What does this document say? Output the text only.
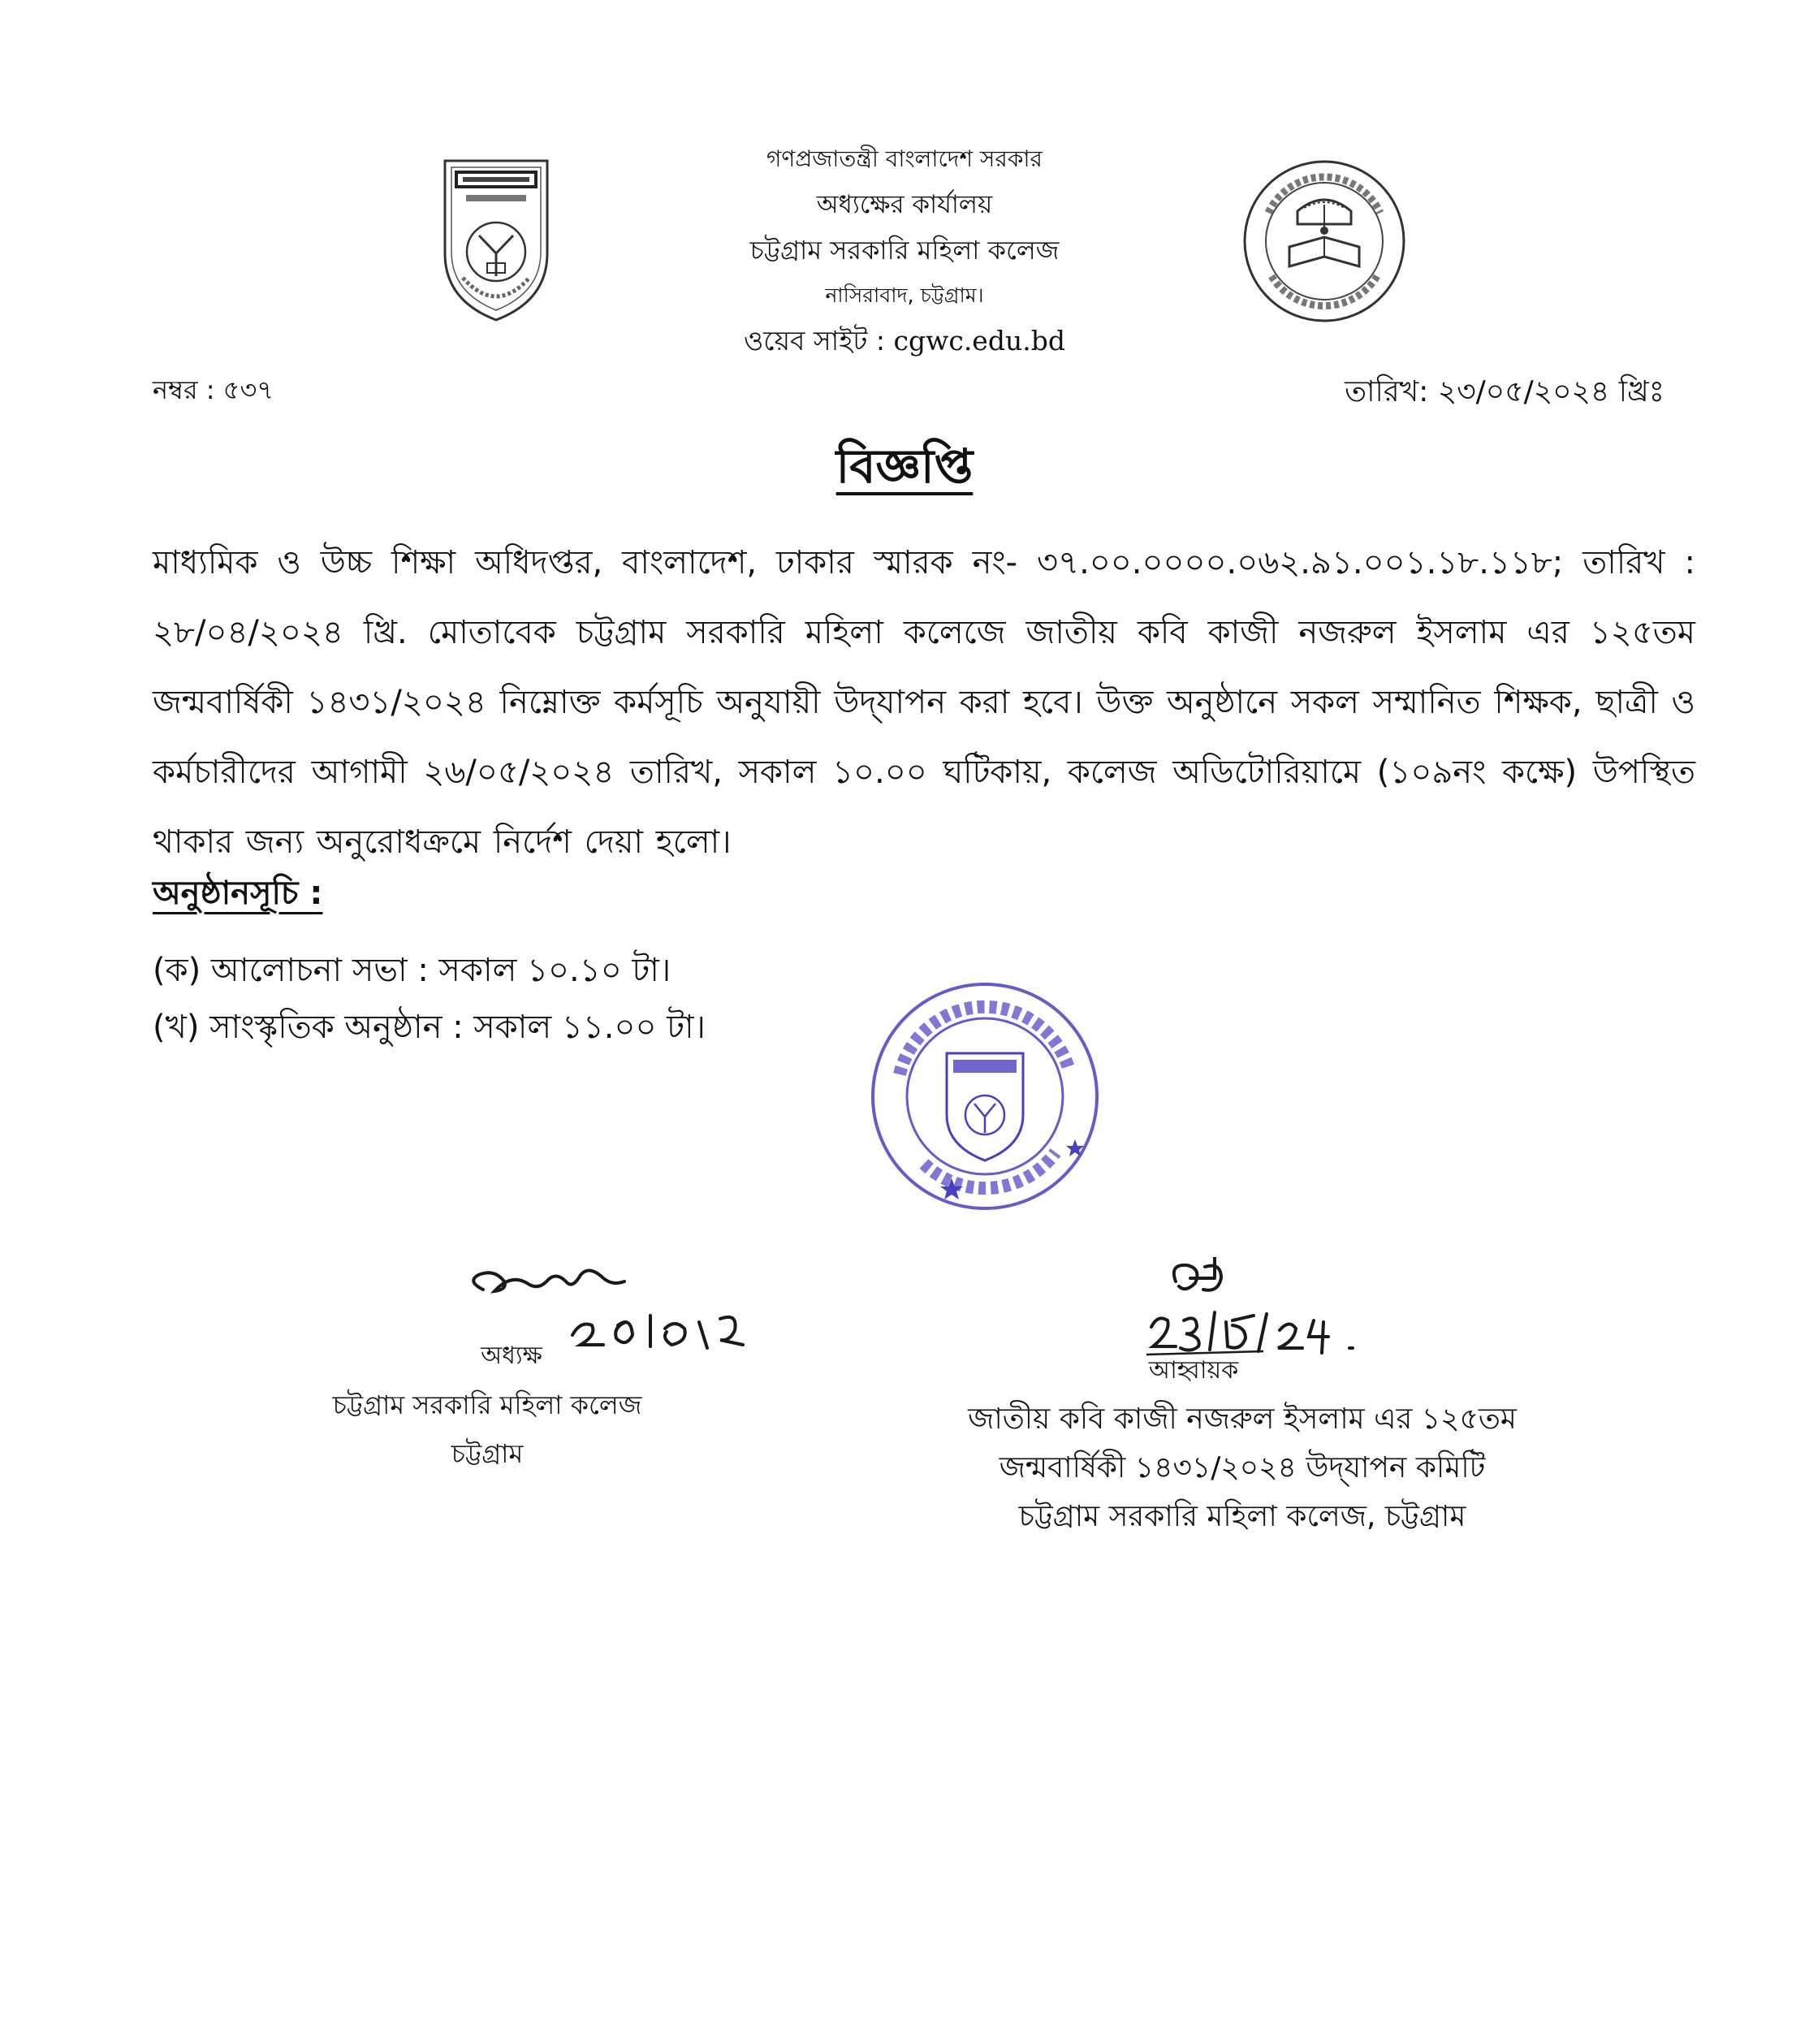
গণপ্রজাতন্ত্রী বাংলাদেশ সরকার
অধ্যক্ষের কার্যালয়
চট্টগ্রাম সরকারি মহিলা কলেজ
নাসিরাবাদ, চট্টগ্রাম।
ওয়েব সাইট : cgwc.edu.bd
নম্বর : ৫৩৭	তারিখ: ২৩/০৫/২০২৪ খ্রিঃ
বিজ্ঞপ্তি
মাধ্যমিক ও উচ্চ শিক্ষা অধিদপ্তর, বাংলাদেশ, ঢাকার স্মারক নং- ৩৭.০০.০০০০.০৬২.৯১.০০১.১৮.১১৮; তারিখ : ২৮/০৪/২০২৪ খ্রি. মোতাবেক চট্টগ্রাম সরকারি মহিলা কলেজে জাতীয় কবি কাজী নজরুল ইসলাম এর ১২৫তম জন্মবার্ষিকী ১৪৩১/২০২৪ নিম্নোক্ত কর্মসূচি অনুযায়ী উদ্‌যাপন করা হবে। উক্ত অনুষ্ঠানে সকল সম্মানিত শিক্ষক, ছাত্রী ও কর্মচারীদের আগামী ২৬/০৫/২০২৪ তারিখ, সকাল ১০.০০ ঘটিকায়, কলেজ অডিটোরিয়ামে (১০৯নং কক্ষে) উপস্থিত থাকার জন্য অনুরোধক্রমে নির্দেশ দেয়া হলো।
অনুষ্ঠানসূচি :
(ক) আলোচনা সভা : সকাল ১০.১০ টা।
(খ) সাংস্কৃতিক অনুষ্ঠান : সকাল ১১.০০ টা।
অধ্যক্ষ
চট্টগ্রাম সরকারি মহিলা কলেজ
চট্টগ্রাম
আহ্বায়ক
জাতীয় কবি কাজী নজরুল ইসলাম এর ১২৫তম
জন্মবার্ষিকী ১৪৩১/২০২৪ উদ্‌যাপন কমিটি
চট্টগ্রাম সরকারি মহিলা কলেজ, চট্টগ্রাম
